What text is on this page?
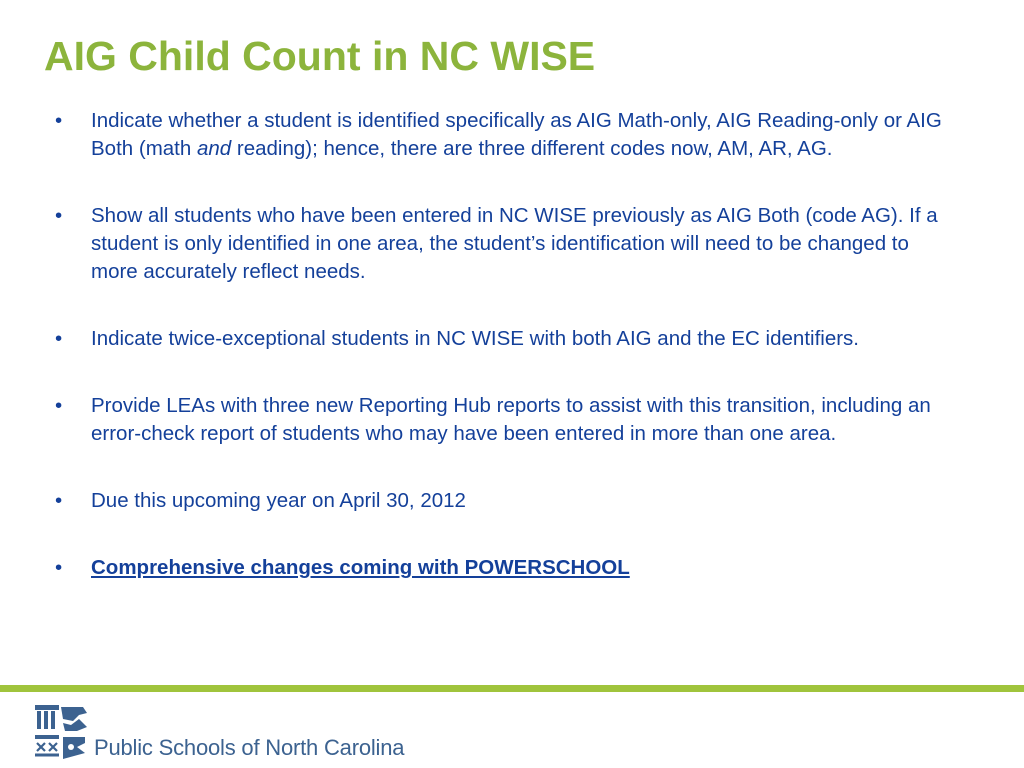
AIG Child Count in NC WISE
• Indicate whether a student is identified specifically as AIG Math-only, AIG Reading-only or AIG Both (math and reading); hence, there are three different codes now, AM, AR, AG.
• Show all students who have been entered in NC WISE previously as AIG Both (code AG). If a student is only identified in one area, the student’s identification will need to be changed to more accurately reflect needs.
• Indicate twice-exceptional students in NC WISE with both AIG and the EC identifiers.
• Provide LEAs with three new Reporting Hub reports to assist with this transition, including an error-check report of students who may have been entered in more than one area.
• Due this upcoming year on April 30, 2012
• Comprehensive changes coming with POWERSCHOOL
Public Schools of North Carolina
